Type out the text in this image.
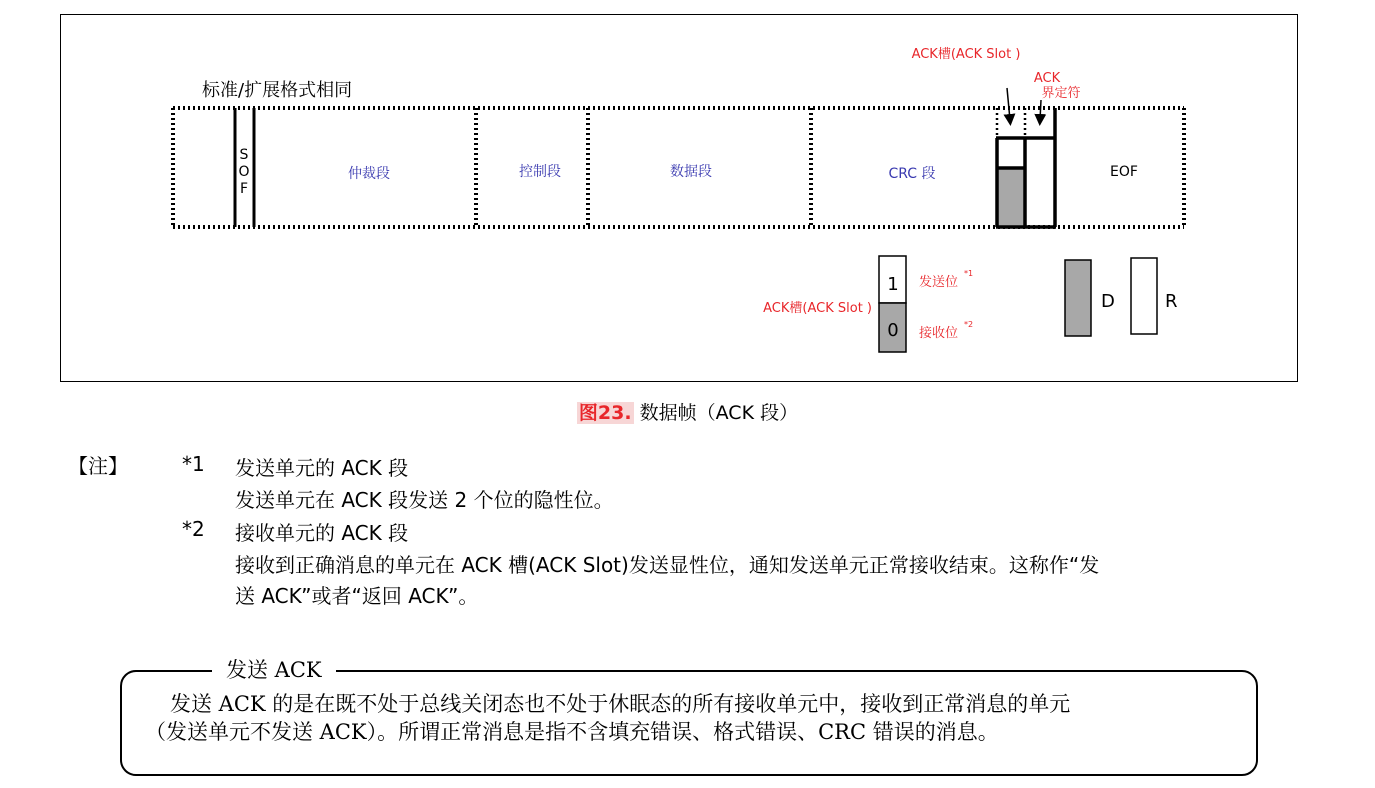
标准/扩展格式相同
S
O
F
仲裁段	控制段	数据段	CRC 段	EOF
ACK槽(ACK Slot )
ACK
界定符
1
0
发送位
*1
接收位
*2
ACK槽(ACK Slot )	D	R
图23. 数据帧（ACK 段）
【注】	*1 发送单元的 ACK 段
发送单元在 ACK 段发送 2 个位的隐性位。
*2 接收单元的 ACK 段
接收到正确消息的单元在 ACK 槽(ACK Slot)发送显性位，通知发送单元正常接收结束。这称作“发
送 ACK”或者“返回 ACK”。
发送 ACK
发送 ACK 的是在既不处于总线关闭态也不处于休眠态的所有接收单元中，接收到正常消息的单元
（发送单元不发送 ACK）。所谓正常消息是指不含填充错误、格式错误、CRC 错误的消息。
